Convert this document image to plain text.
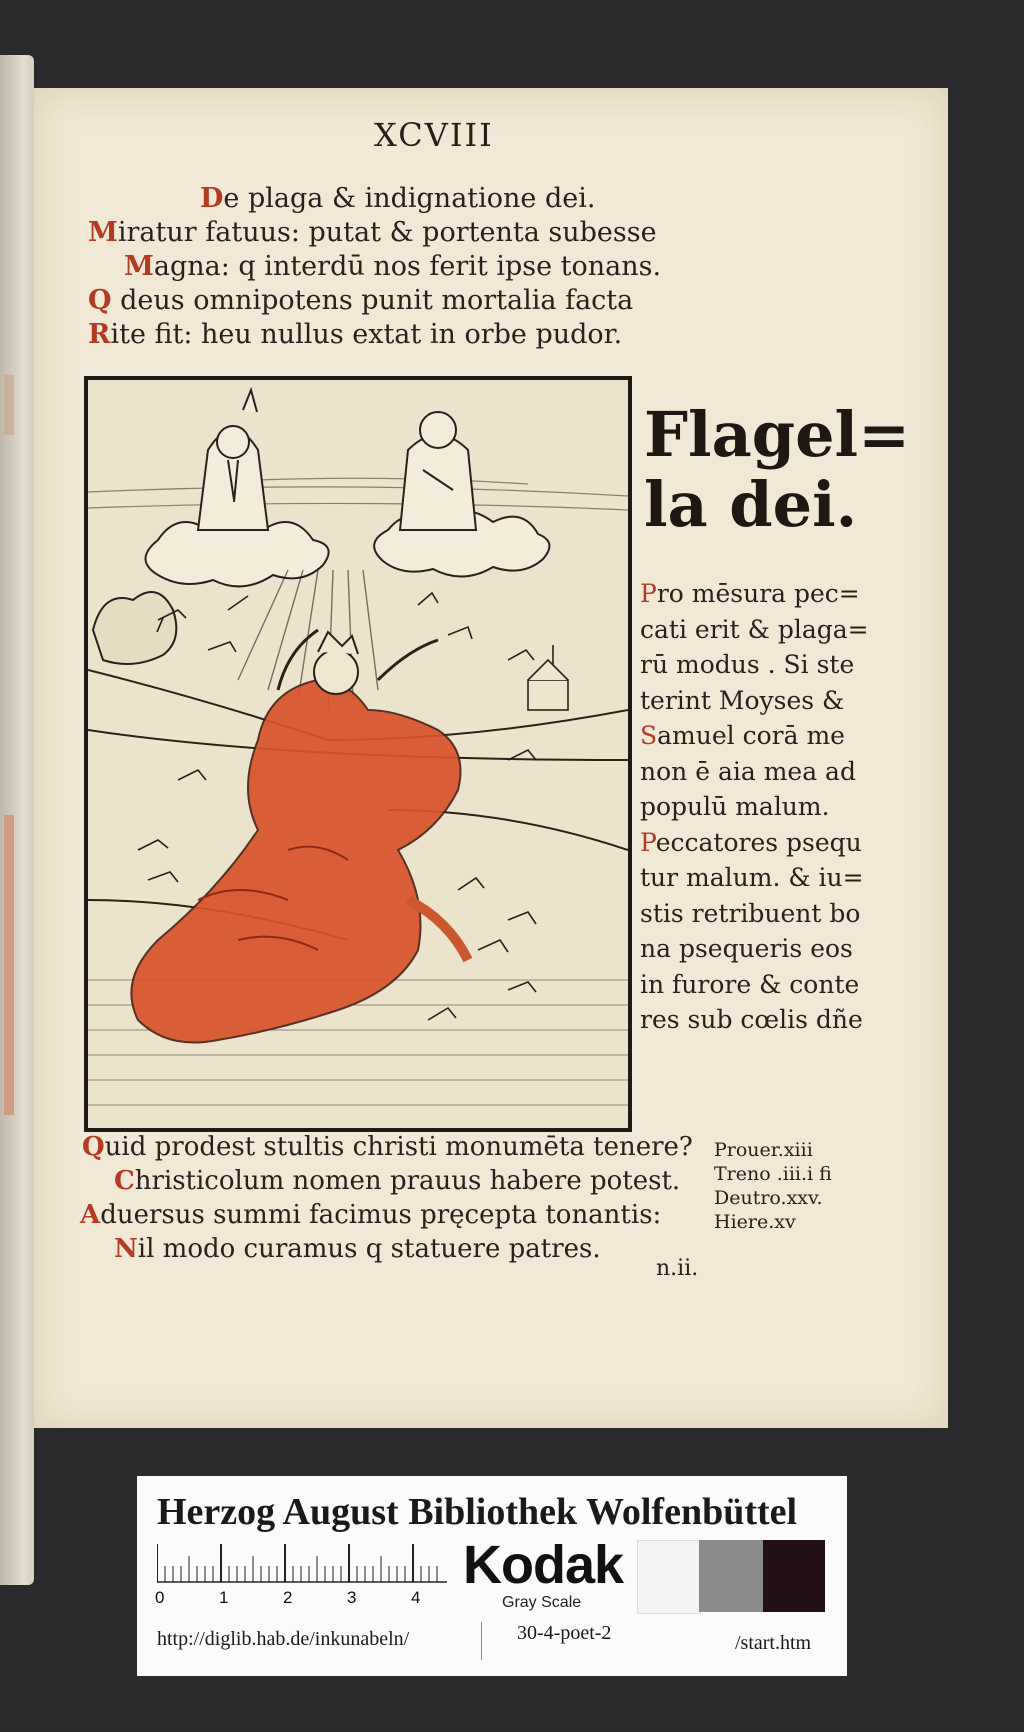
XCVIII
De plaga & indignatione dei.
Miratur fatuus: putat & portenta subesse
Magna: q interdū nos ferit ipse tonans.
Q deus omnipotens punit mortalia facta
Rite fit: heu nullus extat in orbe pudor.
Flagel=
la dei.
Pro mēsura pec=
cati erit & plaga=
rū modus . Si ste
terint Moyses &
Samuel corā me
non ē aia mea ad
populū malum.
Peccatores psequ
tur malum. & iu=
stis retribuent bo
na psequeris eos
in furore & conte
res sub cœlis dñe
Quid prodest stultis christi monumēta tenere?
Christicolum nomen prauus habere potest.
Aduersus summi facimus pręcepta tonantis:
Nil modo curamus q statuere patres.
Prouer.xiii
Treno .iii.i fi
Deutro.xxv.
Hiere.xv
n.ii.
Herzog August Bibliothek Wolfenbüttel
0	1	2	3	4
Kodak
Gray Scale
http://diglib.hab.de/inkunabeln/	30-4-poet-2	/start.htm
